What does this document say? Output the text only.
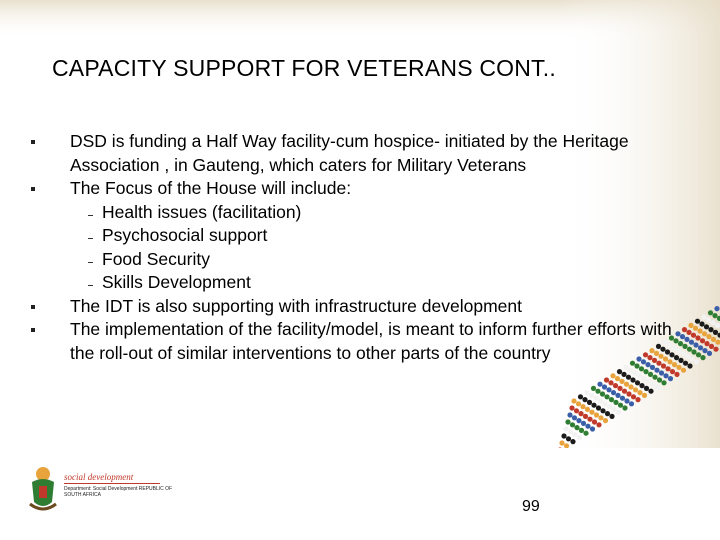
CAPACITY SUPPORT FOR VETERANS CONT..
DSD is funding a Half Way facility-cum hospice- initiated by the Heritage Association , in Gauteng, which caters for Military Veterans
The Focus of the House will include:
Health issues (facilitation)
Psychosocial support
Food Security
Skills Development
The IDT is also supporting with infrastructure development
The implementation of the facility/model, is meant to inform further efforts with the roll-out of similar interventions to other parts of the country
social development
Department: Social Development REPUBLIC OF SOUTH AFRICA
99
